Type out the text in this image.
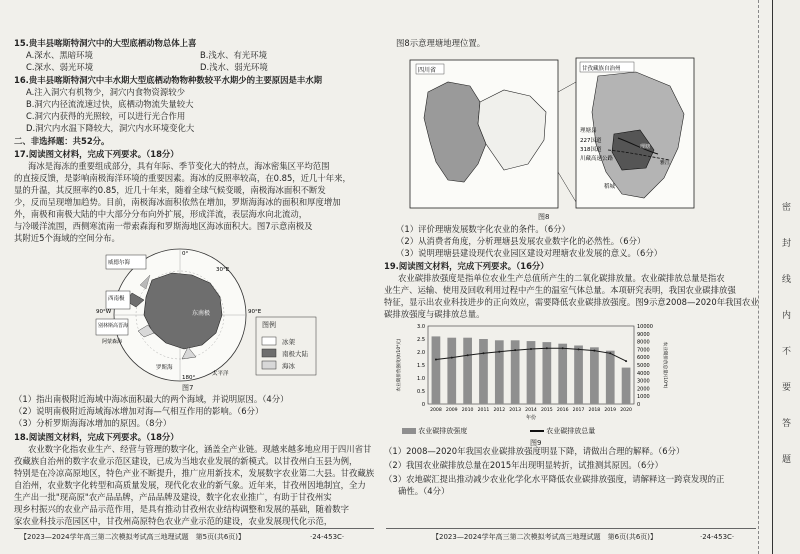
15.贵丰县喀斯特洞穴中的大型底栖动物总体上喜
A.深水、黑暗环境	B.浅水、有光环境
C.深水、弱光环境	D.浅水、弱光环境
16.贵丰县喀斯特洞穴中丰水期大型底栖动物物种数较平水期少的主要原因是丰水期
A.注入洞穴有机物少，洞穴内食物资源较少
B.洞穴内径流流速过快，底栖动物流失量较大
C.洞穴内获得的光照较，可以进行光合作用
D.洞穴内水温下降较大，洞穴内水环境变化大
二、非选择题：共52分。
17.阅读图文材料，完成下列要求。（18分）
海冰是海冻的重要组成部分，具有年际、季节变化大的特点，海冰密集区平均范围
的直接反馈，是影响南极海洋环境的重要因素。海冰的反照率较高，在0.85，近几十年来，
显的升温，其反照率约0.85，近几十年来，随着全球气候变暖，南极海冰面积不断发
少，反而呈现增加趋势。目前，南极海冰面积依然在增加，罗斯海海冰的面积和厚度增加
外，南极和南极大陆的中大部分分布向外扩展，形成洋流，表层海水向北流动，
与冷暖洋流围，西侧寒流南一带索森海和罗斯海地区海冰面积大。图7示意南极及
其附近5个海域的空间分布。
图例
冰架
南极大陆
海冰
威德尔海
西南极
别林斯高晋海
阿蒙森海
罗斯海
太平洋
东南极
0°
180°
90°E
90°W
30°E
图7
（1）指出南极附近海域中海冰面积最大的两个海域，并说明原因。（4分）
（2）说明南极附近海域海冰增加对海—气相互作用的影响。（6分）
（3）分析罗斯海海冰增加的原因。（8分）
18.阅读图文材料，完成下列要求。（18分）
农业数字化指农业生产、经营与管理的数字化，涵盖全产业链。现越来越多地应用于四川省甘
孜藏族自治州的数字农业示范区建设，已成为当地农业发展的新模式。以甘孜州白玉县为例，
特别是在冷凉高原地区，特色产业不断提升，推广应用新技术，发展数字农业第二大县。甘孜藏族
自治州，农业数字化转型和高质量发展，现代化农业的新气象。近年来，甘孜州因地制宜，全力
生产出一批"现高原"农产品品牌，产品品牌及建设，数字化农业推广，有助于甘孜州实
现乡村振兴的农业产品示范作用，是具有推动甘孜州农业结构调整和发展的基础，随着数字
家农业科技示范园区中，甘孜州高原特色农业产业示范的建设，农业发展现代化示范，
【2023—2024学年高三第二次模拟考试高三地理试题　第5页(共6页)】	·24-453C·
图8示意理塘地理位置。
四川省	甘孜藏族自治州
理塘县
227国道
318国道
川藏高速公路
理塘
雅江
稻城
图8
（1）评价理塘发展数字化农业的条件。（6分）
（2）从消费者角度，分析理塘县发展农业数字化的必然性。（6分）
（3）说明理塘县建设现代农业园区建设对理塘农业发展的意义。（6分）
19.阅读图文材料，完成下列要求。（16分）
农业碳排放强度是指单位农业生产总值所产生的二氧化碳排放量。农业碳排放总量是指农
业生产、运输、使用及回收利用过程中产生的温室气体总量。本项研究表明，我国农业碳排放强
特征，显示出农业科技进步的正向效应，需要降低农业碳排放强度。图9示意2008—2020年我国农业
碳排放强度与碳排放总量。
3.0
2.5
2.0
1.5
1.0
0.5
0
10000
9000
8000
7000
6000
5000
4000
3000
2000
1000
0
2008 2009 2010 2011 2012 2013 2014 2015 2016 2017 2018 2019 2020
年份
农业碳排放强度/(t/10⁴元)	农业碳排放总量/(10⁴t)
农业碳排放强度	农业碳排放总量
图9
（1）2008—2020年我国农业碳排放强度明显下降，请做出合理的解释。（6分）
（2）我国农业碳排放总量在2015年出现明显转折，试推测其原因。（6分）
（3）农地碳汇提出推动减少农业化学化水平降低农业碳排放强度，请解释这一跨衰发现的正
确性。（4分）
【2023—2024学年高三第二次模拟考试高三地理试题　第6页(共6页)】	·24-453C·
密
封
线
内
不
要
答
题
